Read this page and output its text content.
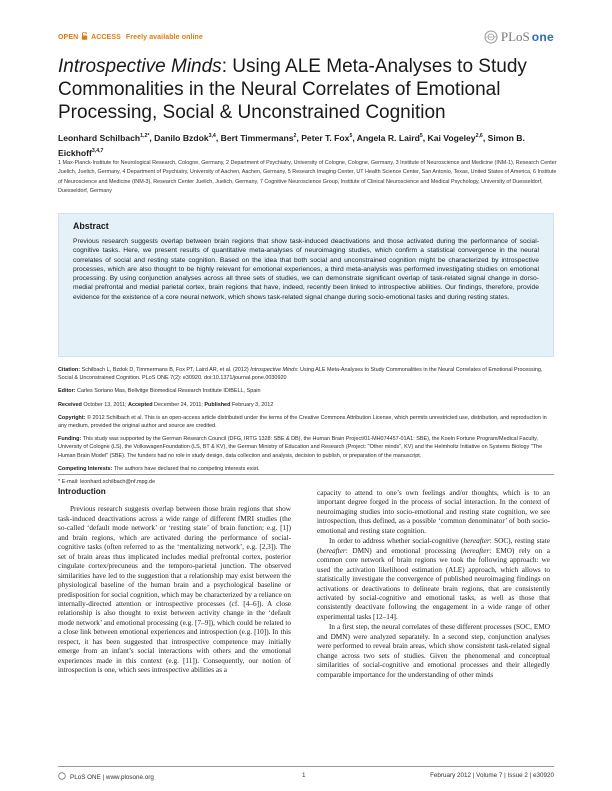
OPEN ACCESS Freely available online	PLoS one
Introspective Minds: Using ALE Meta-Analyses to Study Commonalities in the Neural Correlates of Emotional Processing, Social & Unconstrained Cognition
Leonhard Schilbach$^{1,2*}$, Danilo Bzdok$^{3,4}$, Bert Timmermans$^2$, Peter T. Fox$^5$, Angela R. Laird$^5$, Kai Vogeley$^{2,6}$, Simon B. Eickhoff$^{3,4,7}$
1 Max-Planck-Institute for Neurological Research, Cologne, Germany, 2 Department of Psychiatry, University of Cologne, Cologne, Germany, 3 Institute of Neuroscience and Medicine (INM-1), Research Center Juelich, Juelich, Germany, 4 Department of Psychiatry, University of Aachen, Aachen, Germany, 5 Research Imaging Center, UT Health Science Center, San Antonio, Texas, United States of America, 6 Institute of Neuroscience and Medicine (INM-3), Research Center Juelich, Juelich, Germany, 7 Cognitive Neuroscience Group, Institute of Clinical Neuroscience and Medical Psychology, University of Duesseldorf, Duesseldorf, Germany
Abstract

Previous research suggests overlap between brain regions that show task-induced deactivations and those activated during the performance of social-cognitive tasks. Here, we present results of quantitative meta-analyses of neuroimaging studies, which confirm a statistical convergence in the neural correlates of social and resting state cognition. Based on the idea that both social and unconstrained cognition might be characterized by introspective processes, which are also thought to be highly relevant for emotional experiences, a third meta-analysis was performed investigating studies on emotional processing. By using conjunction analyses across all three sets of studies, we can demonstrate significant overlap of task-related signal change in dorso-medial prefrontal and medial parietal cortex, brain regions that have, indeed, recently been linked to introspective abilities. Our findings, therefore, provide evidence for the existence of a core neural network, which shows task-related signal change during socio-emotional tasks and during resting states.

Citation: Schilbach L, Bzdok D, Timmermans B, Fox PT, Laird AR, et al. (2012) Introspective Minds: Using ALE Meta-Analyses to Study Commonalities in the Neural Correlates of Emotional Processing, Social & Unconstrained Cognition. PLoS ONE 7(2): e30920. doi:10.1371/journal.pone.0030920
Editor: Carles Soriano Mas, Bellvitge Biomedical Research Institute IDIBELL, Spain
Received October 13, 2011; Accepted December 24, 2011; Published February 3, 2012
Copyright: © 2012 Schilbach et al. This is an open-access article distributed under the terms of the Creative Commons Attribution License, which permits unrestricted use, distribution, and reproduction in any medium, provided the original author and source are credited.
Funding: This study was supported by the German Research Council (DFG, IRTG 1328: SBE & DB), the Human Brain Project/01-MH074457-01A1: SBE), the Koeln Fortune Program/Medical Faculty, University of Cologne (LS), the VolkswagenFoundation (LS, BT & KV), the German Ministry of Education and Research (Project: "Other minds", KV) and the Helmholtz Initiative on Systems Biology "The Human Brain Model" (SBE). The funders had no role in study design, data collection and analysis, decision to publish, or preparation of the manuscript.
Competing Interests: The authors have declared that no competing interests exist.
* E-mail: leonhard.schilbach@nf.mpg.de
Introduction

Previous research suggests overlap between those brain regions that show task-induced deactivations across a wide range of different fMRI studies (the so-called ‘default mode network’ or ‘resting state’ of brain function; e.g. [1]) and brain regions, which are activated during the performance of social-cognitive tasks (often referred to as the ‘mentalizing network’, e.g. [2,3]). The set of brain areas thus implicated includes medial prefrontal cortex, posterior cingulate cortex/precuneus and the temporo-parietal junction. The observed similarities have led to the suggestion that a relationship may exist between the physiological baseline of the human brain and a psychological baseline or predisposition for social cognition, which may be characterized by a reliance on internally-directed attention or introspective processes (cf. [4–6]). A close relationship is also thought to exist between activity change in the ‘default mode network’ and emotional processing (e.g. [7–9]), which could be related to a close link between emotional experiences and introspection (e.g. [10]). In this respect, it has been suggested that introspective competence may initially emerge from an infant’s social interactions with others and the emotional experiences made in this context (e.g. [11]). Consequently, our notion of introspection is one, which sees introspective abilities as a

capacity to attend to one’s own feelings and/or thoughts, which is to an important degree forged in the process of social interaction. In the context of neuroimaging studies into socio-emotional and resting state cognition, we see introspection, thus defined, as a possible ‘common denominator’ of both socio-emotional and resting state cognition.

In order to address whether social-cognitive (hereafter: SOC), resting state (hereafter: DMN) and emotional processing (hereafter: EMO) rely on a common core network of brain regions we took the following approach: we used the activation likelihood estimation (ALE) approach, which allows to statistically investigate the convergence of published neuroimaging findings on activations or deactivations to delineate brain regions, that are consistently activated by social-cognitive and emotional tasks, as well as those that consistently deactivate following the engagement in a wide range of other experimental tasks [12–14].

In a first step, the neural correlates of these different processes (SOC, EMO and DMN) were analyzed separately. In a second step, conjunction analyses were performed to reveal brain areas, which show consistent task-related signal change across two sets of studies. Given the phenomenal and conceptual similarities of social-cognitive and emotional processes and their allegedly comparable importance for the understanding of other minds

PLoS ONE | www.plosone.org	1	February 2012 | Volume 7 | Issue 2 | e30920
